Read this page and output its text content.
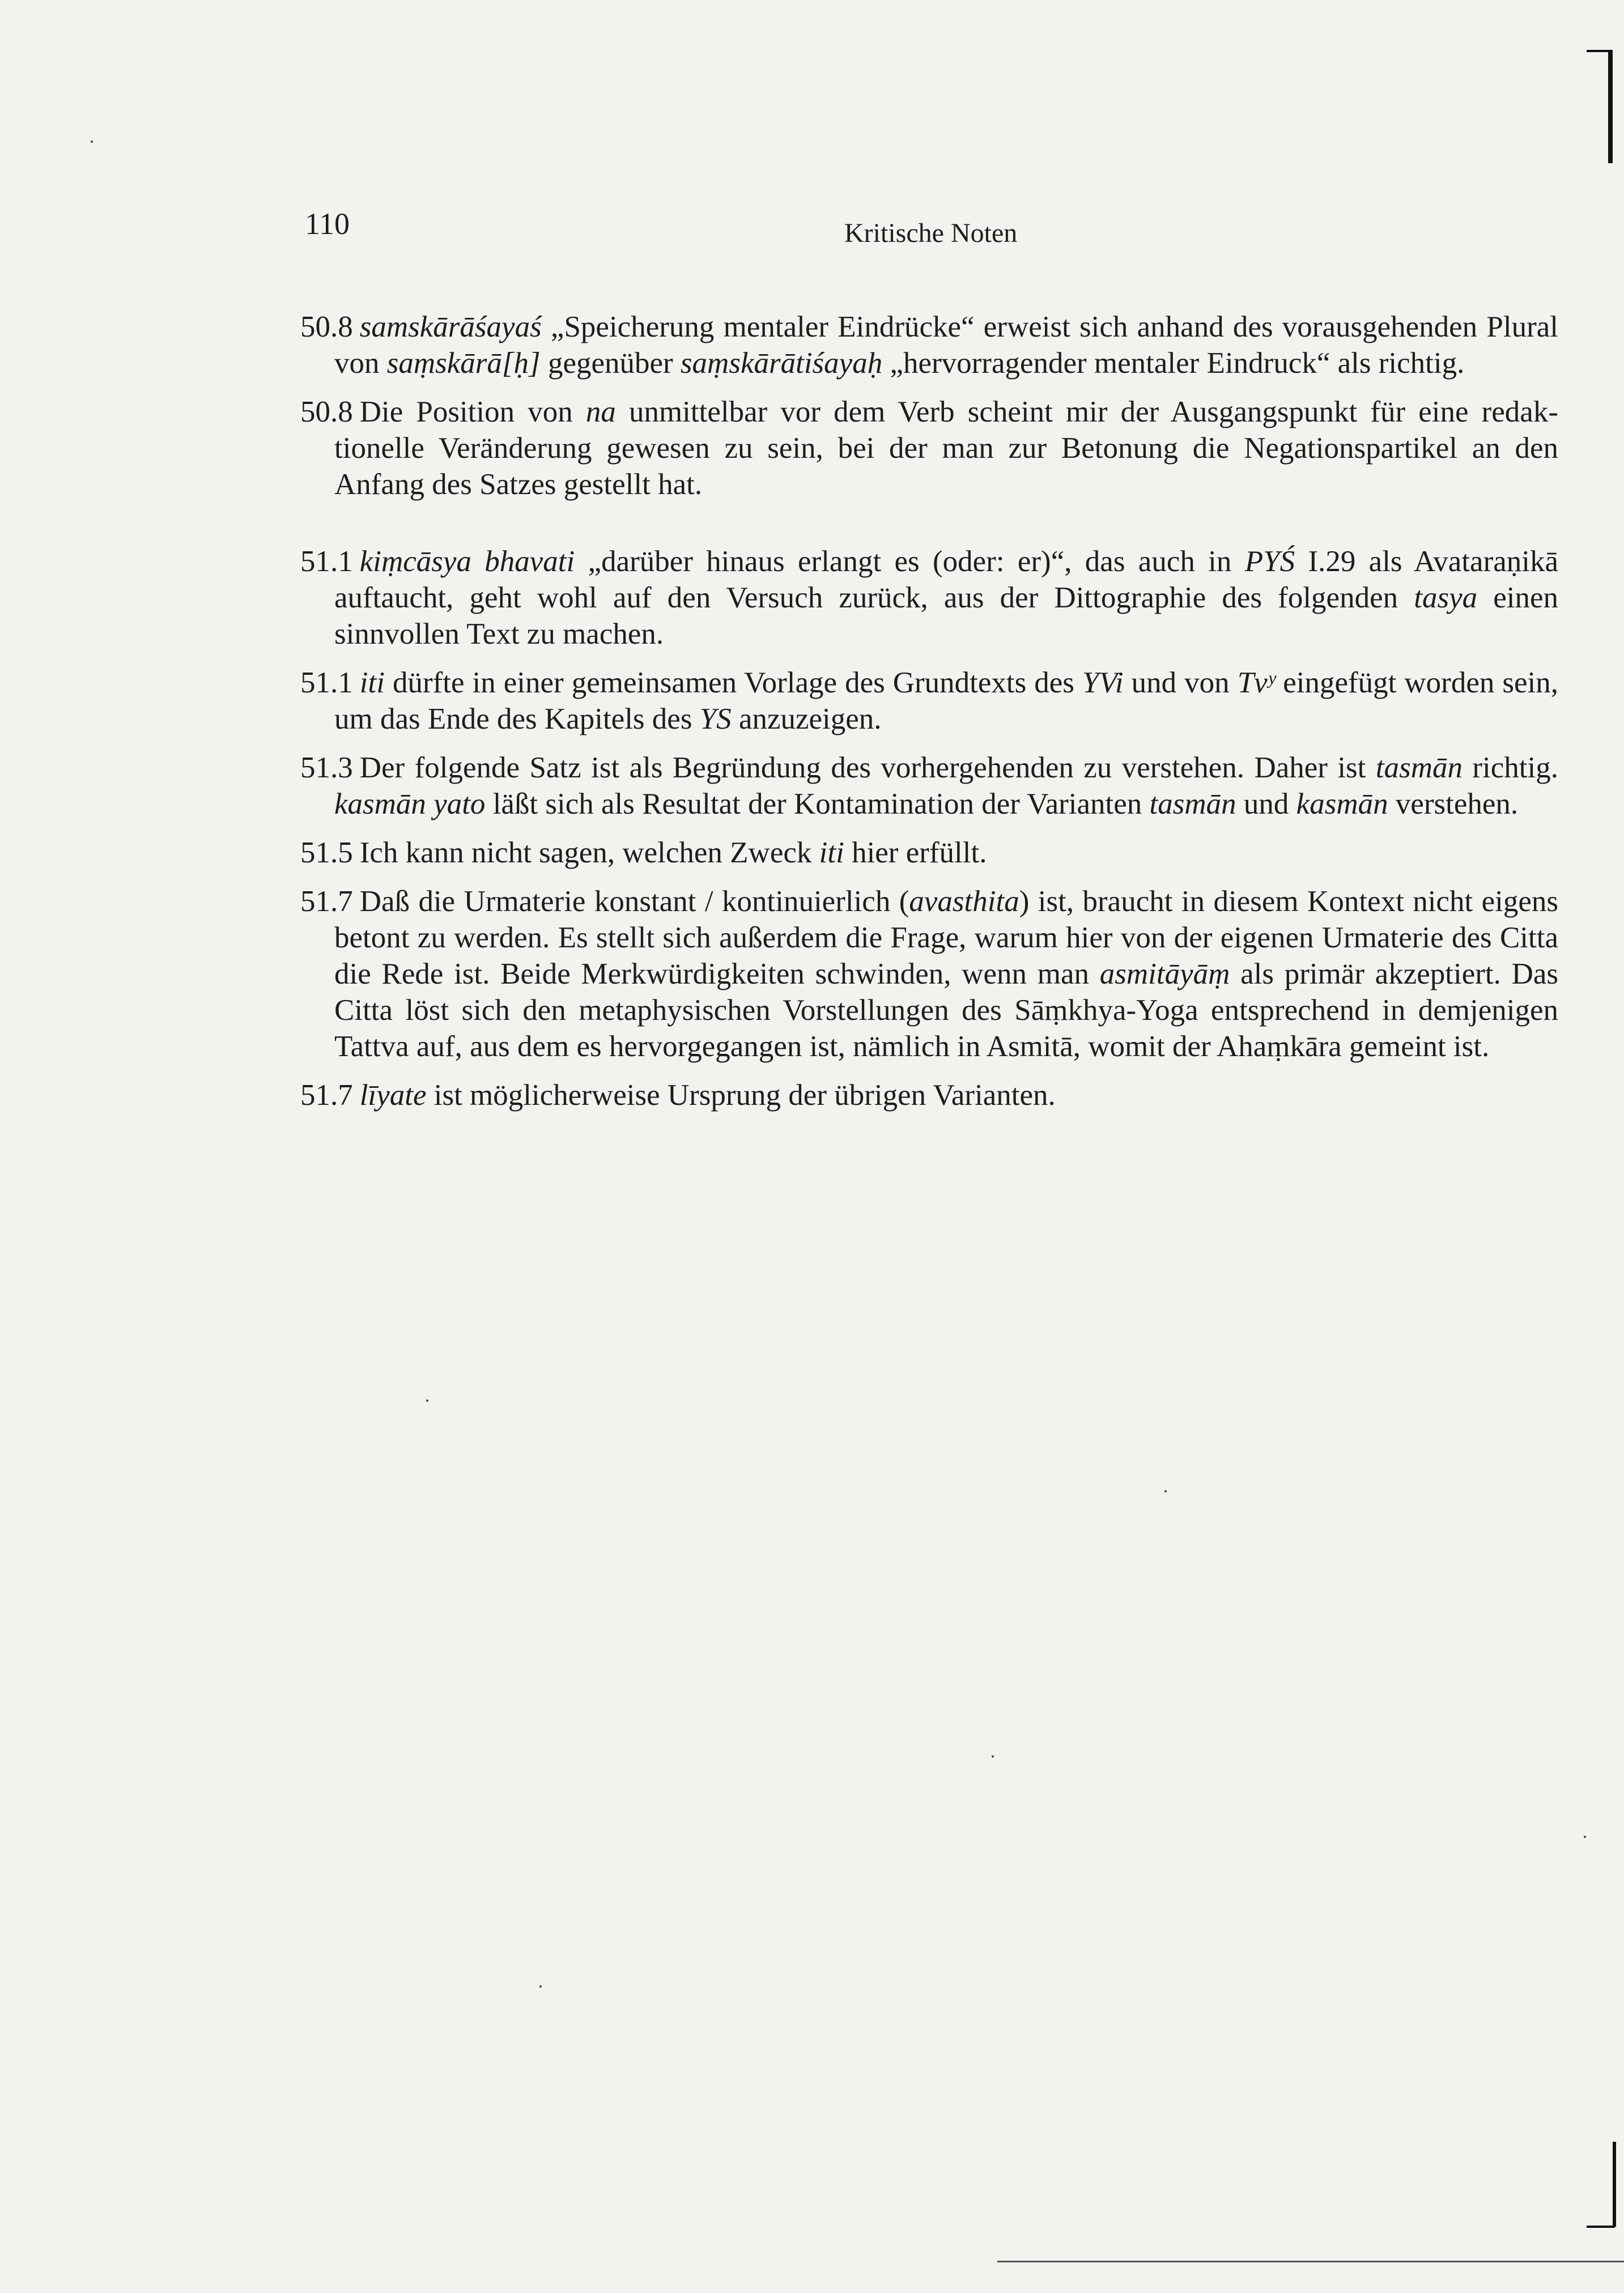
110	Kritische Noten

50.8 samskārāśayaś „Speicherung mentaler Eindrücke“ erweist sich anhand des vorausgehenden Plural von saṃskārā[ḥ] gegenüber saṃskārātiśayaḥ „hervorragender mentaler Eindruck“ als richtig.

50.8 Die Position von na unmittelbar vor dem Verb scheint mir der Ausgangspunkt für eine redaktionelle Veränderung gewesen zu sein, bei der man zur Betonung die Negationspartikel an den Anfang des Satzes gestellt hat.

51.1 kiṃcāsya bhavati „darüber hinaus erlangt es (oder: er)“, das auch in PYŚ I.29 als Avataraṇikā auftaucht, geht wohl auf den Versuch zurück, aus der Dittographie des folgenden tasya einen sinnvollen Text zu machen.

51.1 iti dürfte in einer gemeinsamen Vorlage des Grundtexts des YVi und von Tvʸ eingefügt worden sein, um das Ende des Kapitels des YS anzuzeigen.

51.3 Der folgende Satz ist als Begründung des vorhergehenden zu verstehen. Daher ist tasmān richtig. kasmān yato läßt sich als Resultat der Kontamination der Varianten tasmān und kasmān verstehen.

51.5 Ich kann nicht sagen, welchen Zweck iti hier erfüllt.

51.7 Daß die Urmaterie konstant / kontinuierlich (avasthita) ist, braucht in diesem Kontext nicht eigens betont zu werden. Es stellt sich außerdem die Frage, warum hier von der eigenen Urmaterie des Citta die Rede ist. Beide Merkwürdigkeiten schwinden, wenn man asmitāyāṃ als primär akzeptiert. Das Citta löst sich den metaphysischen Vorstellungen des Sāṃkhya-Yoga entsprechend in demjenigen Tattva auf, aus dem es hervorgegangen ist, nämlich in Asmitā, womit der Ahaṃkāra gemeint ist.

51.7 līyate ist möglicherweise Ursprung der übrigen Varianten.
